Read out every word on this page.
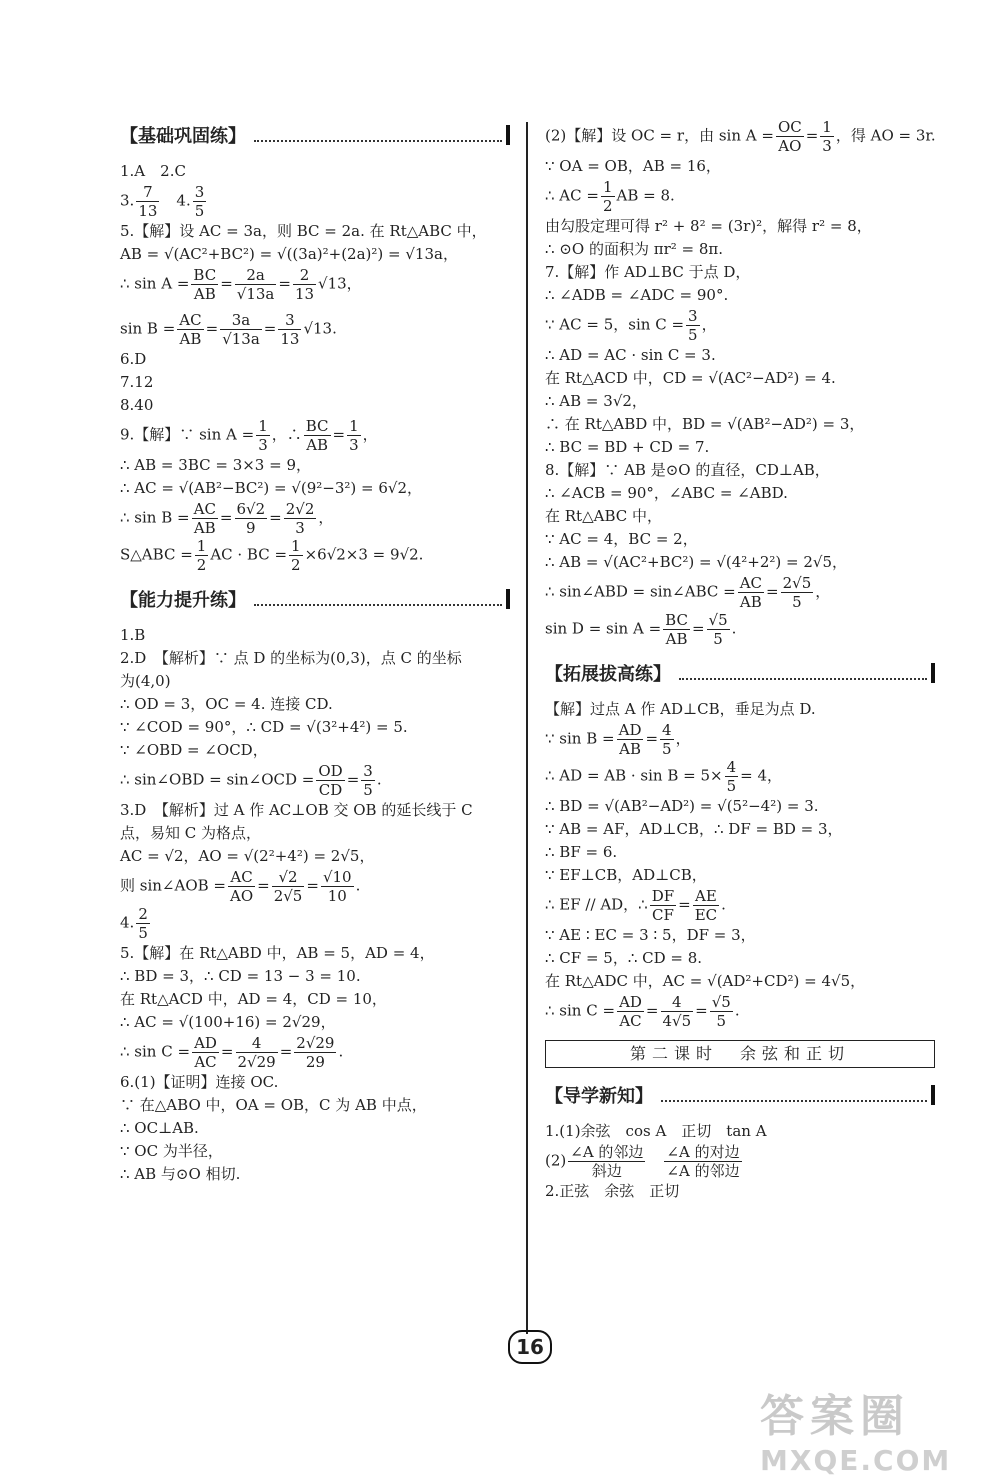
【基础巩固练】
1.A　2.C
3. $\frac{7}{13}$ 　4. $\frac{3}{5}$
5.【解】设 AC = 3a，则 BC = 2a. 在 Rt△ABC 中，
AB = √(AC²+BC²) = √((3a)²+(2a)²) = √13a，
∴ $\sin A = \frac{BC}{AB} = \frac{2a}{√13a} = \frac{2}{13} √13$，
$\sin B = \frac{AC}{AB} = \frac{3a}{√13a} = \frac{3}{13} √13$.
6.D
7.12
8.40
9.【解】∵ $\sin A = \frac{1}{3}$ ，∴ $\frac{BC}{AB} = \frac{1}{3}$ ，
∴ AB = 3BC = 3×3 = 9，
∴ AC = √(AB²−BC²) = √(9²−3²) = 6√2，
∴ $\sin B = \frac{AC}{AB} = \frac{6√2}{9} = \frac{2√2}{3}$ ，
S△ABC = $\frac{1}{2}$ AC · BC = $\frac{1}{2} \times 6√2\times 3 = 9√2$.
【能力提升练】
1.B
2.D　【解析】∵ 点 D 的坐标为(0,3)，点 C 的坐标
为(4,0)
∴ OD = 3，OC = 4. 连接 CD.
∵ ∠COD = 90°，∴ CD = √(3²+4²) = 5.
∵ ∠OBD = ∠OCD，
∴ sin∠OBD = sin∠OCD = $\frac{OD}{CD} = \frac{3}{5}$ .
3.D　【解析】过 A 作 AC⊥OB 交 OB 的延长线于 C
点，易知 C 为格点，
AC = √2，AO = √(2²+4²) = 2√5，
则 sin∠AOB = $\frac{AC}{AO} = \frac{√2}{2√5} = \frac{√10}{10}$ .
4. $\frac{2}{5}$
5.【解】在 Rt△ABD 中，AB = 5，AD = 4，
∴ BD = 3，∴ CD = 13 − 3 = 10.
在 Rt△ACD 中，AD = 4，CD = 10，
∴ AC = √(100+16) = 2√29，
∴ $\sin C = \frac{AD}{AC} = \frac{4}{2√29} = \frac{2√29}{29}$ .
6.(1)【证明】连接 OC.
∵ 在△ABO 中，OA = OB，C 为 AB 中点，
∴ OC⊥AB.
∵ OC 为半径，
∴ AB 与⊙O 相切.
(2)【解】设 OC = r，由 $\sin A = \frac{OC}{AO} = \frac{1}{3}$ ，得 AO = 3r.
∵ OA = OB，AB = 16，
∴ AC = $\frac{1}{2}$ AB = 8.
由勾股定理可得 r² + 8² = (3r)²，解得 r² = 8，
∴ ⊙O 的面积为 πr² = 8π.
7.【解】作 AD⊥BC 于点 D，
∴ ∠ADB = ∠ADC = 90°.
∵ AC = 5，$\sin C = \frac{3}{5}$ ，
∴ AD = AC · sin C = 3.
在 Rt△ACD 中，CD = √(AC²−AD²) = 4.
∴ AB = 3√2，
∴ 在 Rt△ABD 中，BD = √(AB²−AD²) = 3，
∴ BC = BD + CD = 7.
8.【解】∵ AB 是⊙O 的直径，CD⊥AB，
∴ ∠ACB = 90°，∠ABC = ∠ABD.
在 Rt△ABC 中，
∵ AC = 4，BC = 2，
∴ AB = √(AC²+BC²) = √(4²+2²) = 2√5，
∴ sin∠ABD = sin∠ABC = $\frac{AC}{AB} = \frac{2√5}{5}$ ，
$\sin D = \sin A = \frac{BC}{AB} = \frac{√5}{5}$ .
【拓展拔高练】
【解】过点 A 作 AD⊥CB，垂足为点 D.
∵ $\sin B = \frac{AD}{AB} = \frac{4}{5}$ ，
∴ AD = AB · $\sin B = 5\times \frac{4}{5} = 4$，
∴ BD = √(AB²−AD²) = √(5²−4²) = 3.
∵ AB = AF，AD⊥CB，∴ DF = BD = 3，
∴ BF = 6.
∵ EF⊥CB，AD⊥CB，
∴ EF // AD，∴ $\frac{DF}{CF} = \frac{AE}{EC}$ .
∵ AE ∶ EC = 3 ∶ 5，DF = 3，
∴ CF = 5，∴ CD = 8.
在 Rt△ADC 中，AC = √(AD²+CD²) = 4√5，
∴ $\sin C = \frac{AD}{AC} = \frac{4}{4√5} = \frac{√5}{5}$ .
第二课时　余弦和正切
【导学新知】
1.(1)余弦　cos A　正切　tan A
$(2) \frac{\text{∠A 的邻边}}{\text{斜边}}$
　 $\frac{\text{∠A 的对边}}{\text{∠A 的邻边}}$
2.正弦　余弦　正切
16
答案圈
MXQE.COM
